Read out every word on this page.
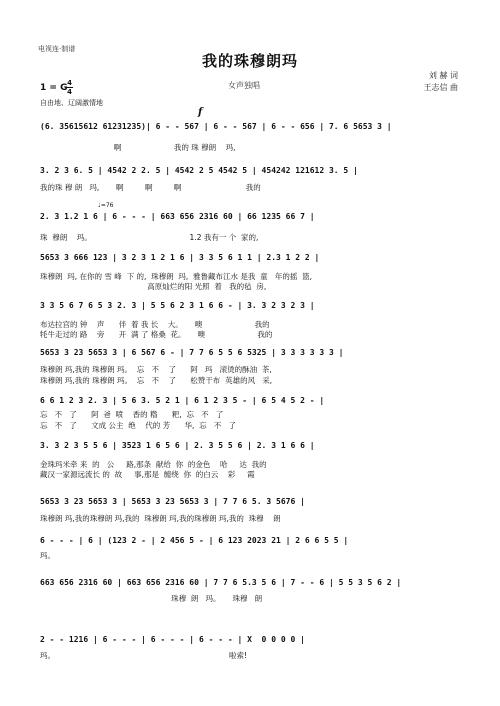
电视连·制谱
我的珠穆朗玛
女声独唱
刘 赫 词
王志信 曲
1 = G 4
4
自由地、辽阔激情地
f
(6. 35615612 61231235)| 6 - - 567 | 6 - - 567 | 6 - - 656 | 7. 6 5653 3 |
啊                      我的 珠 穆朗    玛,
3. 2 3 6. 5 | 4542 2 2. 5 | 4542 2 5 4542 5 | 454242 121612 3. 5 |
我的珠 穆 朗   玛,       啊         啊         啊                           我的
♩=76
2. 3 1.2 1 6 | 6 - - - | 663 656 2316 60 | 66 1235 66 7 |
珠  穆朗    玛。                                         1.2 我有一 个  家的,
5653 3 666 123 | 3 2 3 1 2 1 6 | 3 3 5 6 1 1 | 2.3 1 2 2 |
珠穆朗  玛, 在你的 雪 峰  下 的,  珠穆朗  玛,  雅鲁藏布江水 是我  童   年的摇  篮,
高原灿烂的阳 光照  着   我的毡  房,
3 3 5 6 7 6 5 3 2. 3 | 5 5 6 2 3 1 6 6 - | 3. 3 2 3 2 3 |
布达拉宫的 钟    声      伴  着 我 长    大。     噢                      我的
牦牛走过的 路    旁      开  满 了 格桑  花。     噢                      我的
5653 3 23 5653 3 | 6 567 6 - | 7 7 6 5 5 6 5325 | 3 3 3 3 3 3 |
珠穆朗 玛,我的 珠穆朗 玛。  忘   不    了      阿   玛   滚烫的酥油  茶,
珠穆朗 玛,我的 珠穆朗 玛。  忘   不    了      松赞干布  英雄的风   采,
6 6 1 2 3 2. 3 | 5 6 3. 5 2 1 | 6 1 2 3 5 - | 6 5 4 5 2 - |
忘   不   了      阿  爸  喷    香的 糌      粑,  忘   不   了
忘   不   了      文成 公主  绝    代的 芳      华,  忘   不   了
3. 3 2 3 5 5 6 | 3523 1 6 5 6 | 2. 3 5 5 6 | 2. 3 1 6 6 |
金珠玛米牵 来  的   公     路,那条  献给  你  的金色    哈     达  我的
藏汉一家源远流长 的  故     事,那是  缠绕  你  的白云    彩     霞
5653 3 23 5653 3 | 5653 3 23 5653 3 | 7 7 6 5. 3 5676 |
珠穆朗 玛,我的珠穆朗 玛,我的  珠穆朗 玛,我的珠穆朗 玛,我的  珠穆    朗
6 - - - | 6 | (123 2 - | 2 456 5 - | 6 123 2023 21 | 2 6 6 5 5 |
玛。
663 656 2316 60 | 663 656 2316 60 | 7 7 6 5.3 5 6 | 7 - - 6 | 5 5 3 5 6 2 |
珠穆  朗   玛。     珠穆   朗
2 - - 1216 | 6 - - - | 6 - - - | 6 - - - | X  0 0 0 0 |
玛。                                                                         啦索!
